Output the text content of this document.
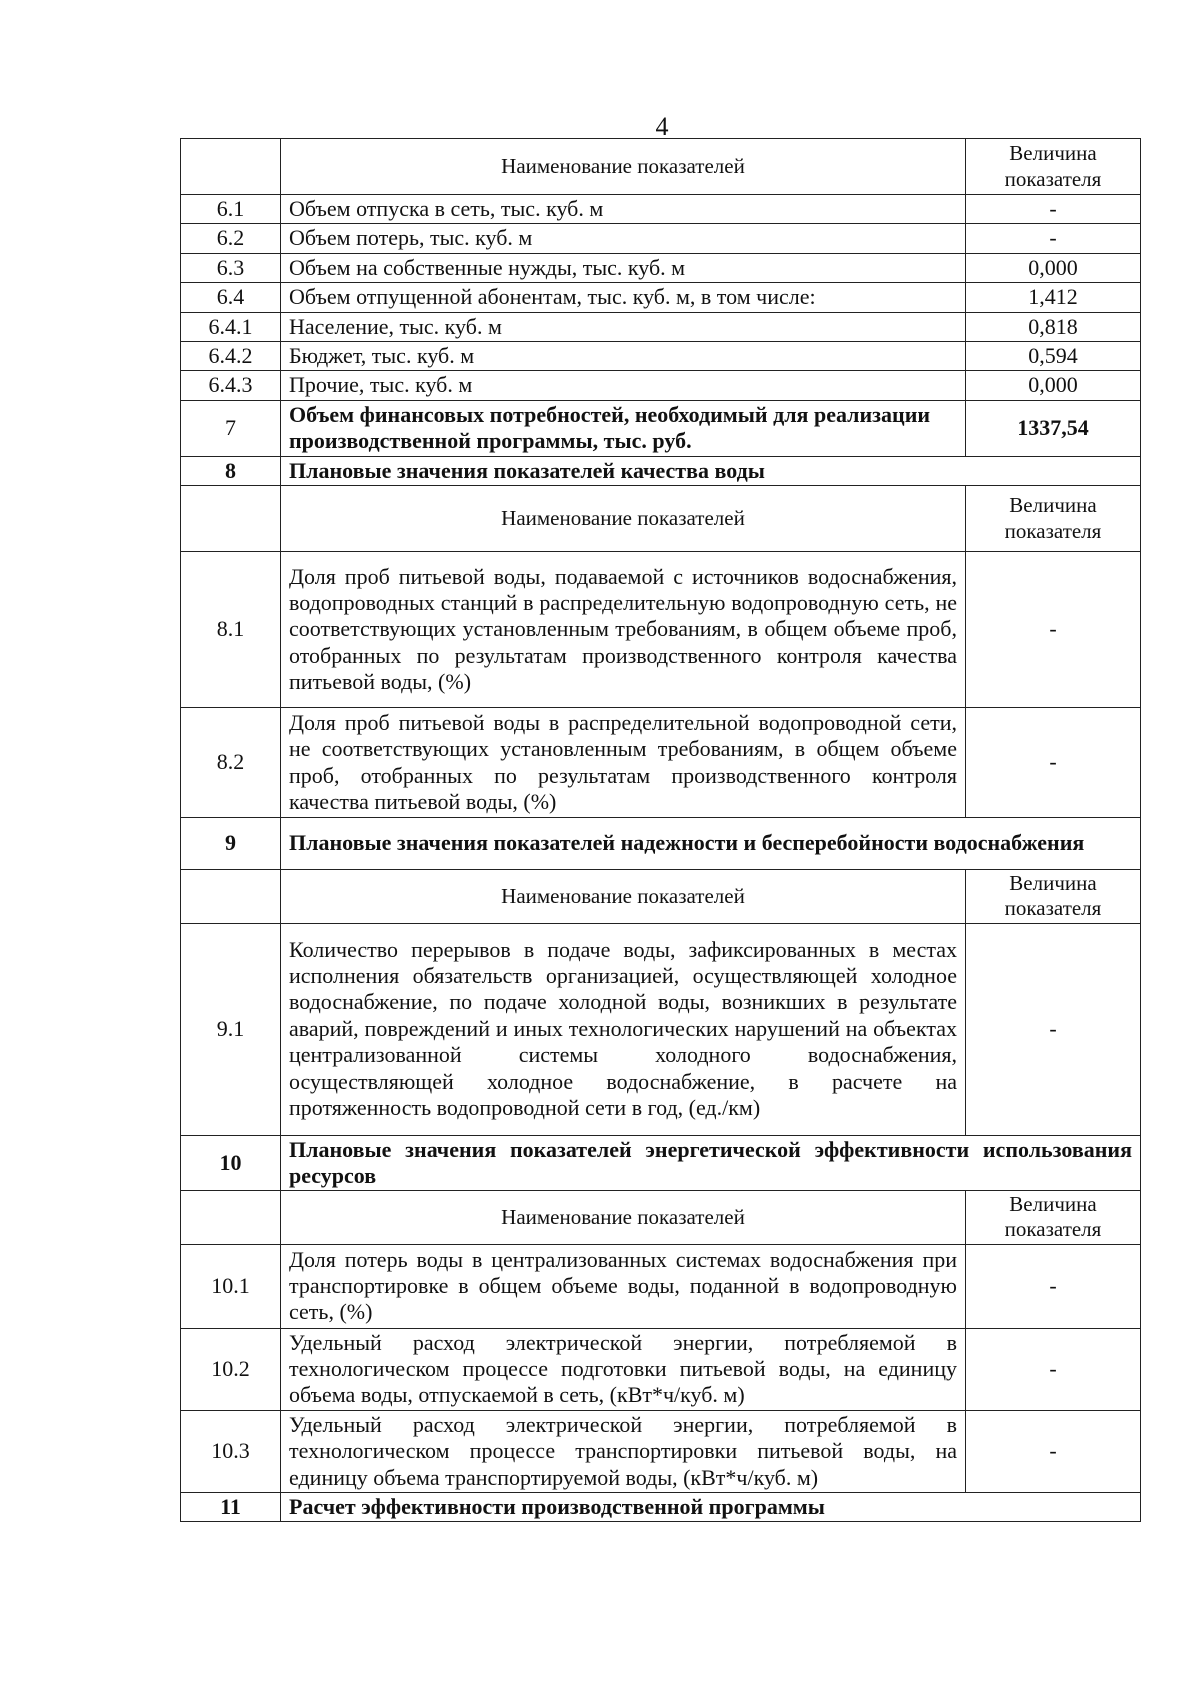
4
	Наименование показателей	Величина показателя
6.1	Объем отпуска в сеть, тыс. куб. м	-
6.2	Объем потерь, тыс. куб. м	-
6.3	Объем на собственные нужды, тыс. куб. м	0,000
6.4	Объем отпущенной абонентам, тыс. куб. м, в том числе:	1,412
6.4.1	Население, тыс. куб. м	0,818
6.4.2	Бюджет, тыс. куб. м	0,594
6.4.3	Прочие, тыс. куб. м	0,000
7	Объем финансовых потребностей, необходимый для реализации производственной программы, тыс. руб.	1337,54
8	Плановые значения показателей качества воды	
	Наименование показателей	Величина показателя
8.1	Доля проб питьевой воды, подаваемой с источников водоснабжения, водопроводных станций в распределительную водопроводную сеть, не соответствующих установленным требованиям, в общем объеме проб, отобранных по результатам производственного контроля качества питьевой воды, (%)	-
8.2	Доля проб питьевой воды в распределительной водопроводной сети, не соответствующих установленным требованиям, в общем объеме проб, отобранных по результатам производственного контроля качества питьевой воды, (%)	-
9	Плановые значения показателей надежности и бесперебойности водоснабжения	
	Наименование показателей	Величина показателя
9.1	Количество перерывов в подаче воды, зафиксированных в местах исполнения обязательств организацией, осуществляющей холодное водоснабжение, по подаче холодной воды, возникших в результате аварий, повреждений и иных технологических нарушений на объектах централизованной системы холодного водоснабжения, осуществляющей холодное водоснабжение, в расчете на протяженность водопроводной сети в год, (ед./км)	-
10	Плановые значения показателей энергетической эффективности использования ресурсов	
	Наименование показателей	Величина показателя
10.1	Доля потерь воды в централизованных системах водоснабжения при транспортировке в общем объеме воды, поданной в водопроводную сеть, (%)	-
10.2	Удельный расход электрической энергии, потребляемой в технологическом процессе подготовки питьевой воды, на единицу объема воды, отпускаемой в сеть, (кВт*ч/куб. м)	-
10.3	Удельный расход электрической энергии, потребляемой в технологическом процессе транспортировки питьевой воды, на единицу объема транспортируемой воды, (кВт*ч/куб. м)	-
11	Расчет эффективности производственной программы	
